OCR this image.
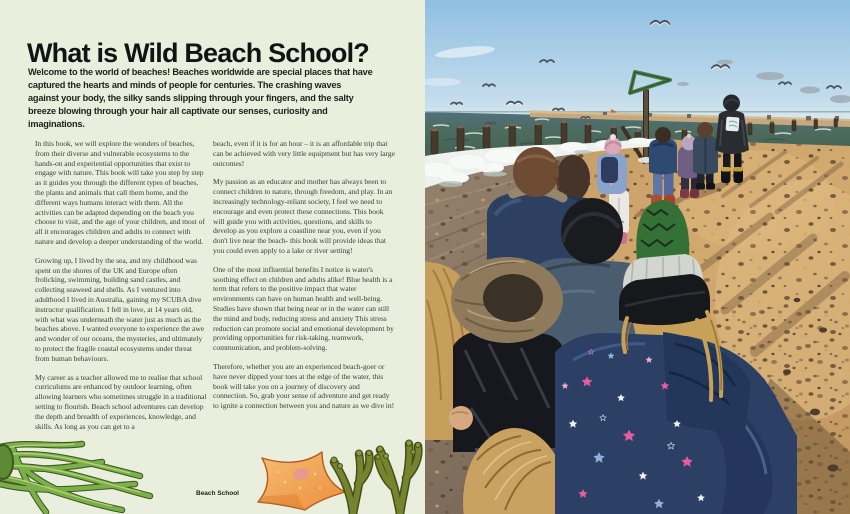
What is Wild Beach School?
Welcome to the world of beaches! Beaches worldwide are special places that have captured the hearts and minds of people for centuries. The crashing waves against your body, the silky sands slipping through your fingers, and the salty breeze blowing through your hair all captivate our senses, curiosity and imaginations.

In this book, we will explore the wonders of beaches, from their diverse and vulnerable ecosystems to the hands-on and experiential opportunities that exist to engage with nature. This book will take you step by step as it guides you through the different types of beaches, the plants and animals that call them home, and the different ways humans interact with them. All the activities can be adapted depending on the beach you choose to visit, and the age of your children, and most of all it encourages children and adults to connect with nature and develop a deeper understanding of the world.

Growing up, I lived by the sea, and my childhood was spent on the shores of the UK and Europe often frolicking, swimming, building sand castles, and collecting seaweed and shells. As I ventured into adulthood I lived in Australia, gaining my SCUBA dive instructor qualification. I fell in love, at 14 years old, with what was underneath the water just as much as the beaches above. I wanted everyone to experience the awe and wonder of our oceans, the mysteries, and ultimately to protect the fragile coastal ecosystems under threat from human behaviours.

My career as a teacher allowed me to realise that school curriculums are enhanced by outdoor learning, often allowing learners who sometimes struggle in a traditional setting to flourish. Beach school adventures can develop the depth and breadth of experiences, knowledge, and skills. As long as you can get to a

beach, even if it is for an hour – it is an affordable trip that can be achieved with very little equipment but has very large outcomes!

My passion as an educator and mother has always been to connect children to nature, through freedom, and play. In an increasingly technology-reliant society, I feel we need to encourage and even protect these connections. This book will guide you with activities, questions, and skills to develop as you explore a coastline near you, even if you don't live near the beach- this book will provide ideas that you could even apply to a lake or river setting!

One of the most influential benefits I notice is water's soothing effect on children and adults alike! Blue health is a term that refers to the positive impact that water environments can have on human health and well-being. Studies have shown that being near or in the water can still the mind and body, reducing stress and anxiety This stress reduction can promote social and emotional development by providing opportunities for risk-taking, teamwork, communication, and problem-solving.

Therefore, whether you are an experienced beach-goer or have never dipped your toes at the edge of the water, this book will take you on a journey of discovery and connection. So, grab your sense of adventure and get ready to ignite a connection between you and nature as we dive in!

Beach School
